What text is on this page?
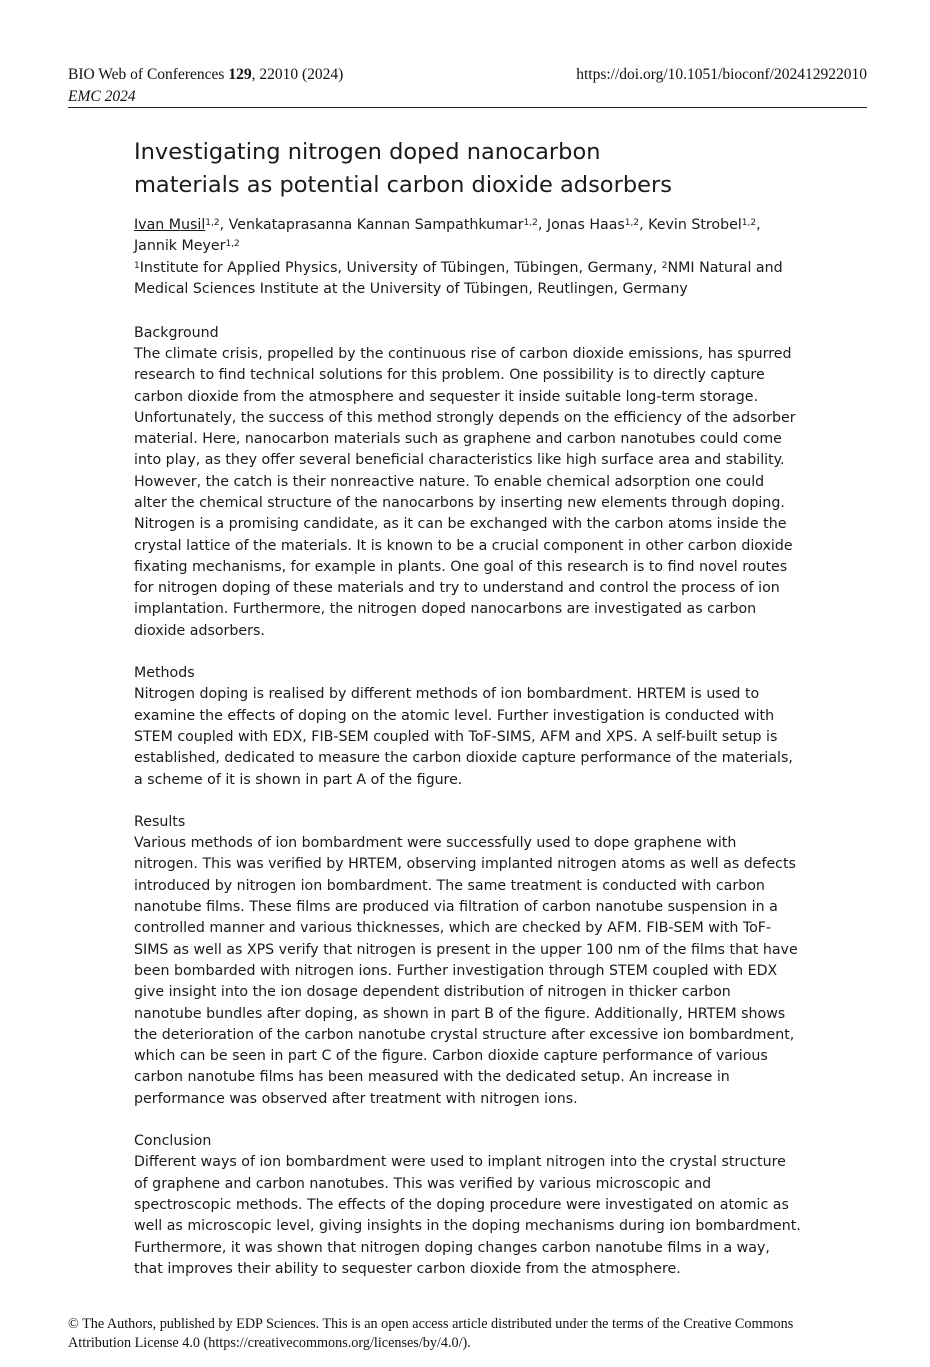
BIO Web of Conferences 129, 22010 (2024)	https://doi.org/10.1051/bioconf/202412922010
EMC 2024
Investigating nitrogen doped nanocarbon
materials as potential carbon dioxide adsorbers
Ivan Musil$^{1,2}$, Venkataprasanna Kannan Sampathkumar$^{1,2}$, Jonas Haas$^{1,2}$, Kevin Strobel$^{1,2}$,
Jannik Meyer$^{1,2}$
$^1$Institute for Applied Physics, University of Tübingen, Tübingen, Germany, $^2$NMI Natural and
Medical Sciences Institute at the University of Tübingen, Reutlingen, Germany
Background
The climate crisis, propelled by the continuous rise of carbon dioxide emissions, has spurred
research to find technical solutions for this problem. One possibility is to directly capture
carbon dioxide from the atmosphere and sequester it inside suitable long-term storage.
Unfortunately, the success of this method strongly depends on the efficiency of the adsorber
material. Here, nanocarbon materials such as graphene and carbon nanotubes could come
into play, as they offer several beneficial characteristics like high surface area and stability.
However, the catch is their nonreactive nature. To enable chemical adsorption one could
alter the chemical structure of the nanocarbons by inserting new elements through doping.
Nitrogen is a promising candidate, as it can be exchanged with the carbon atoms inside the
crystal lattice of the materials. It is known to be a crucial component in other carbon dioxide
fixating mechanisms, for example in plants. One goal of this research is to find novel routes
for nitrogen doping of these materials and try to understand and control the process of ion
implantation. Furthermore, the nitrogen doped nanocarbons are investigated as carbon
dioxide adsorbers.
Methods
Nitrogen doping is realised by different methods of ion bombardment. HRTEM is used to
examine the effects of doping on the atomic level. Further investigation is conducted with
STEM coupled with EDX, FIB-SEM coupled with ToF-SIMS, AFM and XPS. A self-built setup is
established, dedicated to measure the carbon dioxide capture performance of the materials,
a scheme of it is shown in part A of the figure.
Results
Various methods of ion bombardment were successfully used to dope graphene with
nitrogen. This was verified by HRTEM, observing implanted nitrogen atoms as well as defects
introduced by nitrogen ion bombardment. The same treatment is conducted with carbon
nanotube films. These films are produced via filtration of carbon nanotube suspension in a
controlled manner and various thicknesses, which are checked by AFM. FIB-SEM with ToF-
SIMS as well as XPS verify that nitrogen is present in the upper 100 nm of the films that have
been bombarded with nitrogen ions. Further investigation through STEM coupled with EDX
give insight into the ion dosage dependent distribution of nitrogen in thicker carbon
nanotube bundles after doping, as shown in part B of the figure. Additionally, HRTEM shows
the deterioration of the carbon nanotube crystal structure after excessive ion bombardment,
which can be seen in part C of the figure. Carbon dioxide capture performance of various
carbon nanotube films has been measured with the dedicated setup. An increase in
performance was observed after treatment with nitrogen ions.
Conclusion
Different ways of ion bombardment were used to implant nitrogen into the crystal structure
of graphene and carbon nanotubes. This was verified by various microscopic and
spectroscopic methods. The effects of the doping procedure were investigated on atomic as
well as microscopic level, giving insights in the doping mechanisms during ion bombardment.
Furthermore, it was shown that nitrogen doping changes carbon nanotube films in a way,
that improves their ability to sequester carbon dioxide from the atmosphere.
© The Authors, published by EDP Sciences. This is an open access article distributed under the terms of the Creative Commons
Attribution License 4.0 (https://creativecommons.org/licenses/by/4.0/).
